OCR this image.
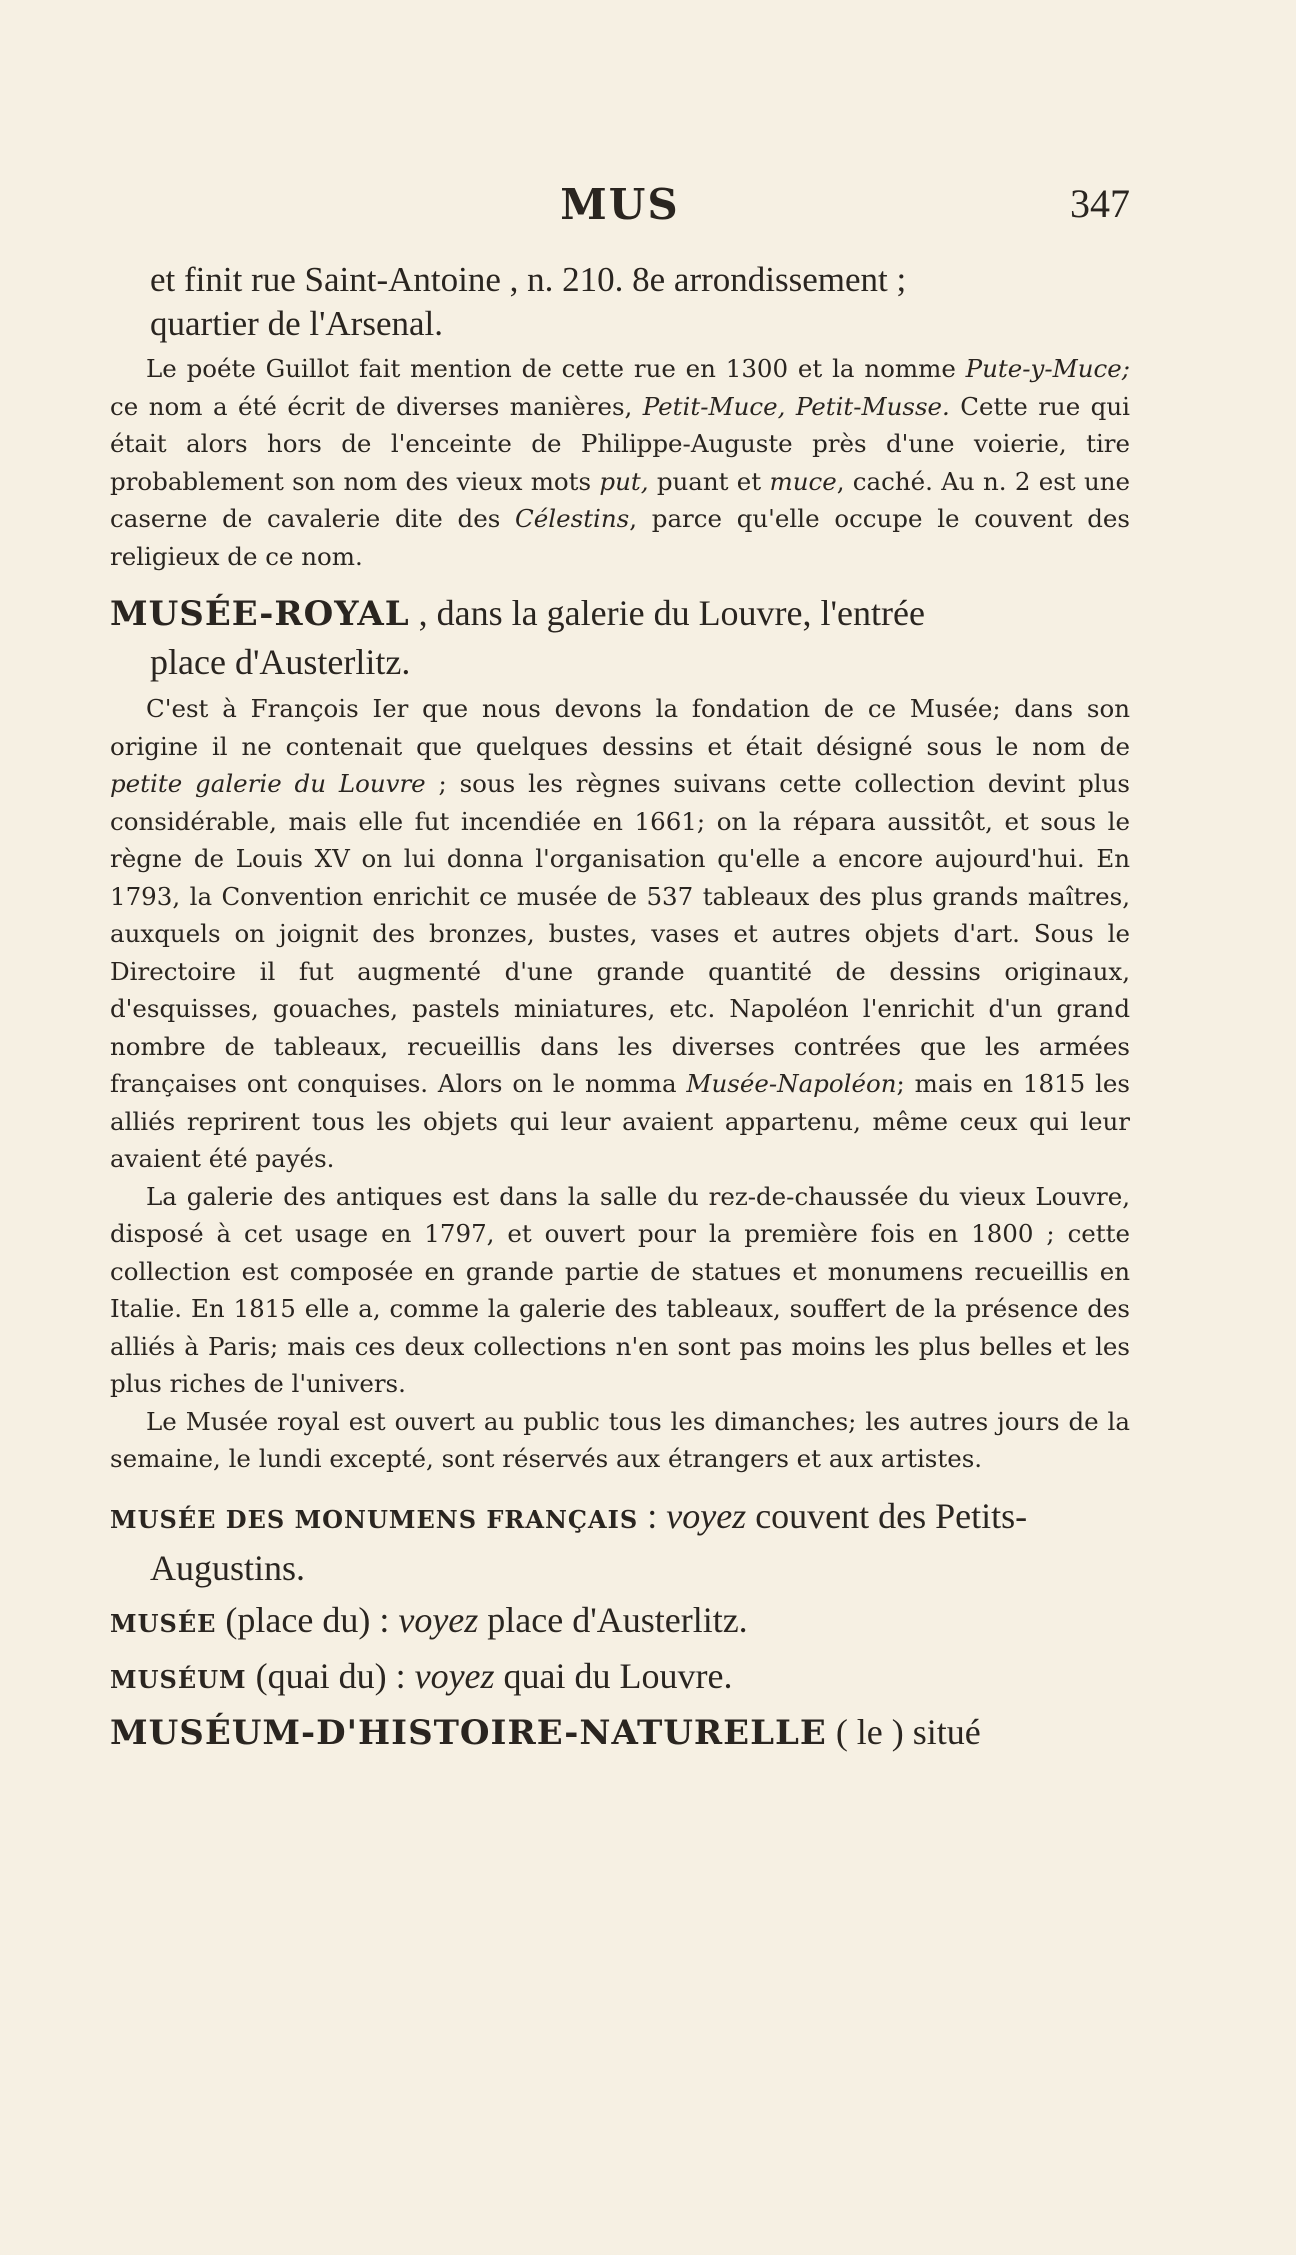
MUS	347
et finit rue Saint-Antoine , n. 210. 8e arrondissement ;
quartier de l'Arsenal.

Le poéte Guillot fait mention de cette rue en 1300 et la nomme Pute-y-Muce; ce nom a été écrit de diverses manières, Petit-Muce, Petit-Musse. Cette rue qui était alors hors de l'enceinte de Philippe-Auguste près d'une voierie, tire probablement son nom des vieux mots put, puant et muce, caché. Au n. 2 est une caserne de cavalerie dite des Célestins, parce qu'elle occupe le couvent des religieux de ce nom.

MUSÉE-ROYAL , dans la galerie du Louvre, l'entrée
place d'Austerlitz.

C'est à François Ier que nous devons la fondation de ce Musée; dans son origine il ne contenait que quelques dessins et était désigné sous le nom de petite galerie du Louvre ; sous les règnes suivans cette collection devint plus considérable, mais elle fut incendiée en 1661; on la répara aussitôt, et sous le règne de Louis XV on lui donna l'organisation qu'elle a encore aujourd'hui. En 1793, la Convention enrichit ce musée de 537 tableaux des plus grands maîtres, auxquels on joignit des bronzes, bustes, vases et autres objets d'art. Sous le Directoire il fut augmenté d'une grande quantité de dessins originaux, d'esquisses, gouaches, pastels miniatures, etc. Napoléon l'enrichit d'un grand nombre de tableaux, recueillis dans les diverses contrées que les armées françaises ont conquises. Alors on le nomma Musée-Napoléon; mais en 1815 les alliés reprirent tous les objets qui leur avaient appartenu, même ceux qui leur avaient été payés.

La galerie des antiques est dans la salle du rez-de-chaussée du vieux Louvre, disposé à cet usage en 1797, et ouvert pour la première fois en 1800 ; cette collection est composée en grande partie de statues et monumens recueillis en Italie. En 1815 elle a, comme la galerie des tableaux, souffert de la présence des alliés à Paris; mais ces deux collections n'en sont pas moins les plus belles et les plus riches de l'univers.

Le Musée royal est ouvert au public tous les dimanches; les autres jours de la semaine, le lundi excepté, sont réservés aux étrangers et aux artistes.

MUSÉE DES MONUMENS FRANÇAIS : voyez couvent des Petits-
Augustins.
MUSÉE (place du) : voyez place d'Austerlitz.
MUSÉUM (quai du) : voyez quai du Louvre.
MUSÉUM-D'HISTOIRE-NATURELLE ( le ) situé
